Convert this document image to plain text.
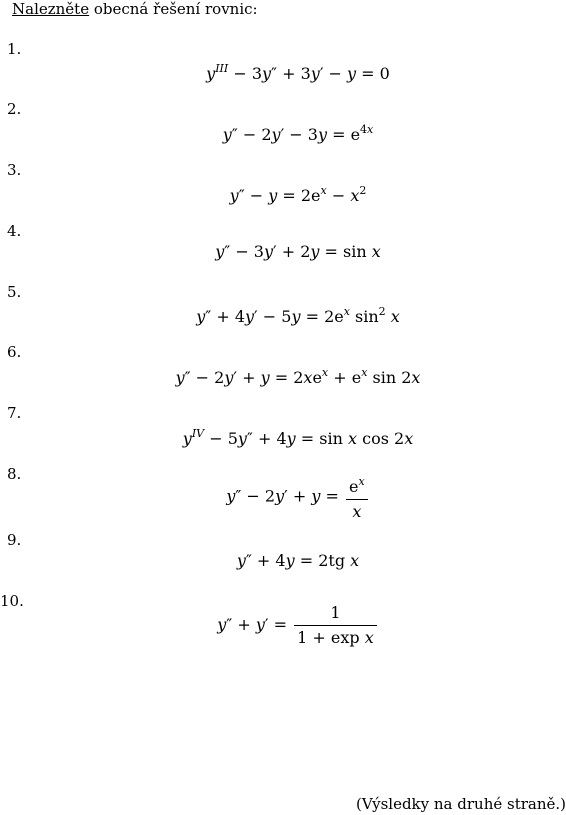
Nalezněte obecná řešení rovnic:
1.
$y^{III} - 3y'' + 3y' - y = 0$
2.
$y'' - 2y' - 3y = e^{4x}$
3.
$y'' - y = 2e^x - x^2$
4.
y″ − 3y′ + 2y = sin x
5.
$y'' + 4y' - 5y = 2e^x$ $\sin^2 x$
6.
$y'' - 2y' + y = 2xe^x + e^x$ sin 2x
7.
$y^{IV} - 5y'' + 4y = \sin x$ cos 2x
8.
$y'' - 2y' + y = \frac{e^x}{x}$
9.
y″ + 4y = 2tg x
10.
$y'' + y' = \frac{1}{\text{1 + exp x}}$
(Výsledky na druhé straně.)
